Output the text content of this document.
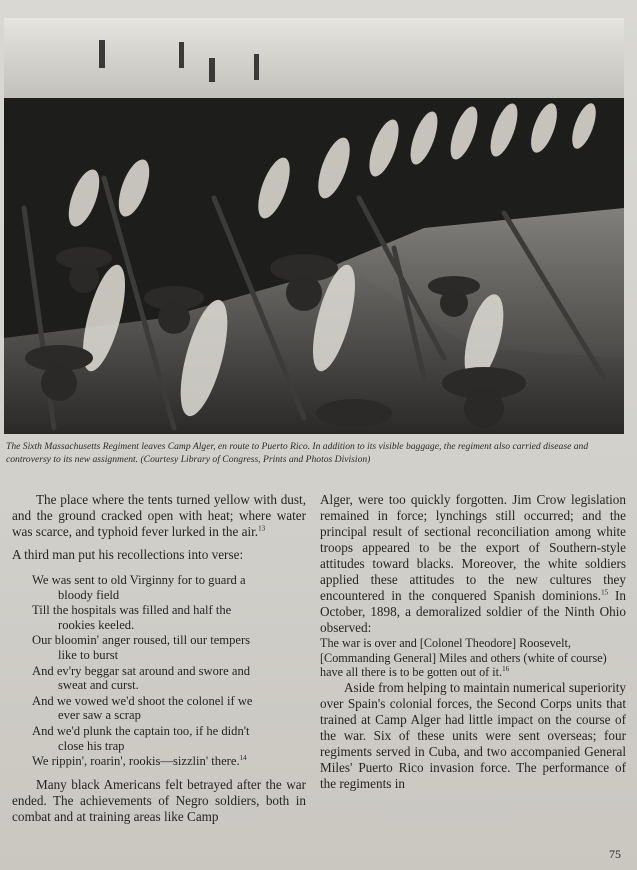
The Sixth Massachusetts Regiment leaves Camp Alger, en route to Puerto Rico. In addition to its visible baggage, the regiment also carried disease and controversy to its new assignment. (Courtesy Library of Congress, Prints and Photos Division)

The place where the tents turned yellow with dust, and the ground cracked open with heat; where water was scarce, and typhoid fever lurked in the air.$^{13}$

A third man put his recollections into verse:

We was sent to old Virginny for to guard a
bloody field
Till the hospitals was filled and half the
rookies keeled.
Our bloomin' anger roused, till our tempers
like to burst
And ev'ry beggar sat around and swore and
sweat and curst.
And we vowed we'd shoot the colonel if we
ever saw a scrap
And we'd plunk the captain too, if he didn't
close his trap
We rippin', roarin', rookis—sizzlin' there.$^{14}$

Many black Americans felt betrayed after the war ended. The achievements of Negro soldiers, both in combat and at training areas like Camp

Alger, were too quickly forgotten. Jim Crow legislation remained in force; lynchings still occurred; and the principal result of sectional reconciliation among white troops appeared to be the export of Southern-style attitudes toward blacks. Moreover, the white soldiers applied these attitudes to the new cultures they encountered in the conquered Spanish dominions.$^{15}$ In October, 1898, a demoralized soldier of the Ninth Ohio observed:

The war is over and [Colonel Theodore] Roosevelt, [Commanding General] Miles and others (white of course) have all there is to be gotten out of it.$^{16}$

Aside from helping to maintain numerical superiority over Spain's colonial forces, the Second Corps units that trained at Camp Alger had little impact on the course of the war. Six of these units were sent overseas; four regiments served in Cuba, and two accompanied General Miles' Puerto Rico invasion force. The performance of the regiments in

75
